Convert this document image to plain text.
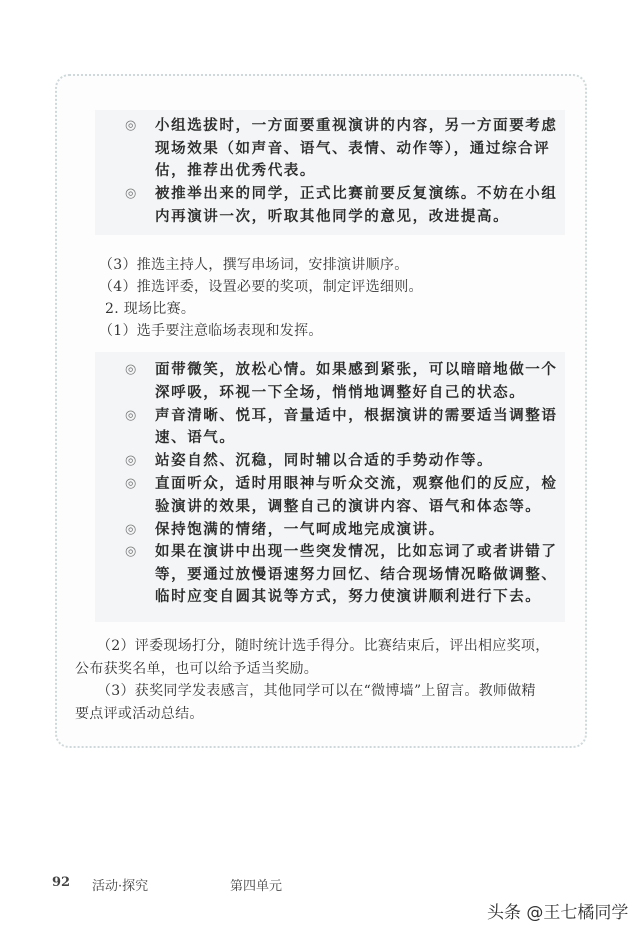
◎ 小组选拔时，一方面要重视演讲的内容，另一方面要考虑
现场效果（如声音、语气、表情、动作等），通过综合评
估，推荐出优秀代表。
◎ 被推举出来的同学，正式比赛前要反复演练。不妨在小组
内再演讲一次，听取其他同学的意见，改进提高。
（3）推选主持人，撰写串场词，安排演讲顺序。
（4）推选评委，设置必要的奖项，制定评选细则。
2. 现场比赛。
（1）选手要注意临场表现和发挥。
◎ 面带微笑，放松心情。如果感到紧张，可以暗暗地做一个
深呼吸，环视一下全场，悄悄地调整好自己的状态。
◎ 声音清晰、悦耳，音量适中，根据演讲的需要适当调整语
速、语气。
◎ 站姿自然、沉稳，同时辅以合适的手势动作等。
◎ 直面听众，适时用眼神与听众交流，观察他们的反应，检
验演讲的效果，调整自己的演讲内容、语气和体态等。
◎ 保持饱满的情绪，一气呵成地完成演讲。
◎ 如果在演讲中出现一些突发情况，比如忘词了或者讲错了
等，要通过放慢语速努力回忆、结合现场情况略做调整、
临时应变自圆其说等方式，努力使演讲顺利进行下去。
（2）评委现场打分，随时统计选手得分。比赛结束后，评出相应奖项，
公布获奖名单，也可以给予适当奖励。
（3）获奖同学发表感言，其他同学可以在“微博墙”上留言。教师做精
要点评或活动总结。
92 活动·探究	第四单元
头条 @王七橘同学
